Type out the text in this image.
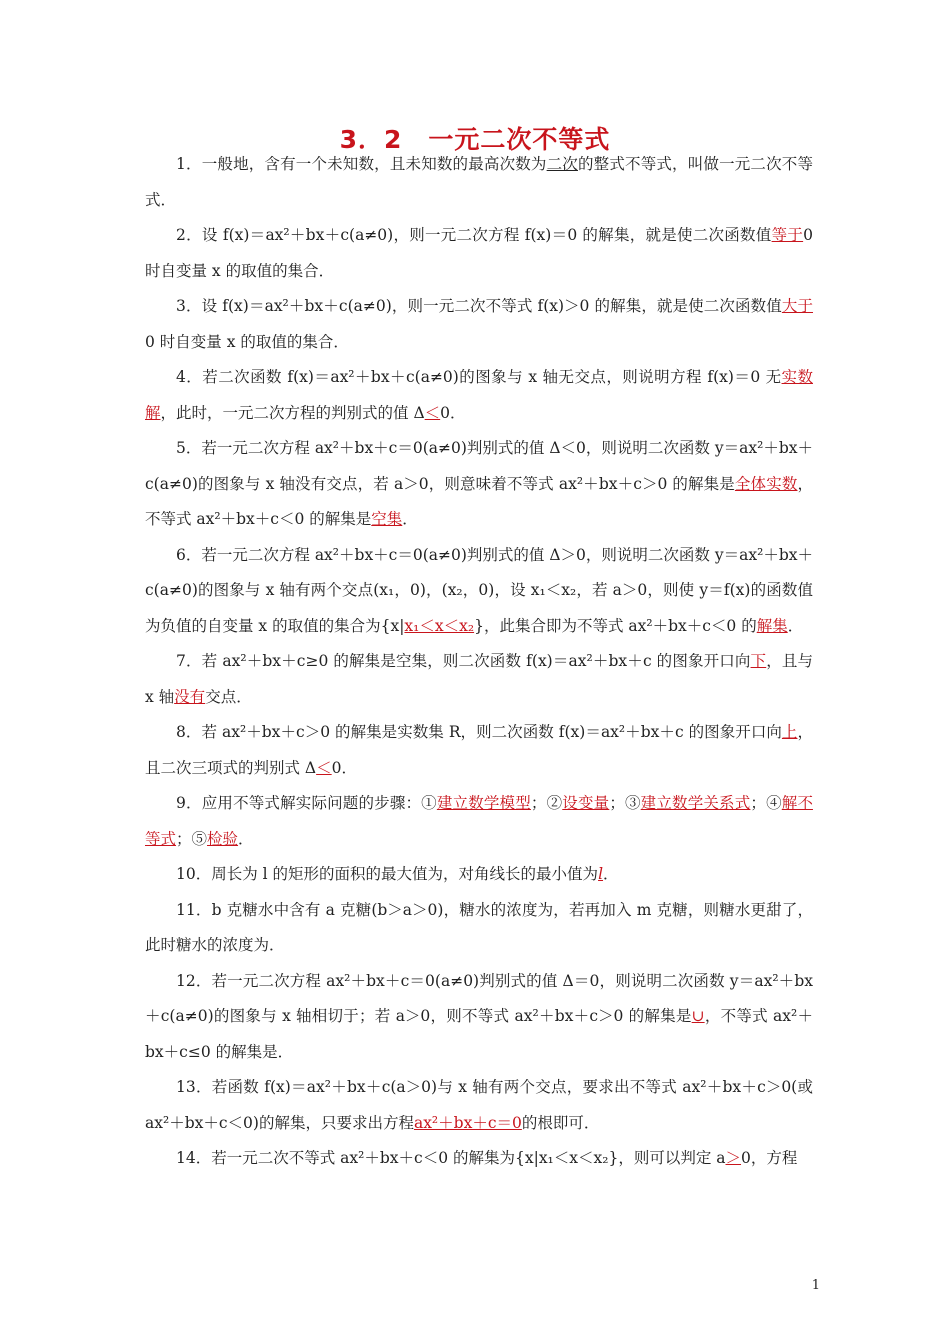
3．2　一元二次不等式

1．一般地，含有一个未知数，且未知数的最高次数为二次的整式不等式，叫做一元二次不等式．

2．设 f(x)＝ax²＋bx＋c(a≠0)，则一元二次方程 f(x)＝0 的解集，就是使二次函数值等于0 时自变量 x 的取值的集合．

3．设 f(x)＝ax²＋bx＋c(a≠0)，则一元二次不等式 f(x)＞0 的解集，就是使二次函数值大于0 时自变量 x 的取值的集合．

4．若二次函数 f(x)＝ax²＋bx＋c(a≠0)的图象与 x 轴无交点，则说明方程 f(x)＝0 无实数解，此时，一元二次方程的判别式的值 Δ＜0．

5．若一元二次方程 ax²＋bx＋c＝0(a≠0)判别式的值 Δ＜0，则说明二次函数 y＝ax²＋bx＋c(a≠0)的图象与 x 轴没有交点，若 a＞0，则意味着不等式 ax²＋bx＋c＞0 的解集是全体实数，不等式 ax²＋bx＋c＜0 的解集是空集．

6．若一元二次方程 ax²＋bx＋c＝0(a≠0)判别式的值 Δ＞0，则说明二次函数 y＝ax²＋bx＋c(a≠0)的图象与 x 轴有两个交点(x₁，0)，(x₂，0)，设 x₁＜x₂，若 a＞0，则使 y＝f(x)的函数值为负值的自变量 x 的取值的集合为{x|x₁＜x＜x₂}，此集合即为不等式 ax²＋bx＋c＜0 的解集．

7．若 ax²＋bx＋c≥0 的解集是空集，则二次函数 f(x)＝ax²＋bx＋c 的图象开口向下，且与 x 轴没有交点．

8．若 ax²＋bx＋c＞0 的解集是实数集 R，则二次函数 f(x)＝ax²＋bx＋c 的图象开口向上，且二次三项式的判别式 Δ＜0．

9．应用不等式解实际问题的步骤：①建立数学模型；②设变量；③建立数学关系式；④解不等式；⑤检验．

10．周长为 l 的矩形的面积的最大值为，对角线长的最小值为l．

11．b 克糖水中含有 a 克糖(b＞a＞0)，糖水的浓度为，若再加入 m 克糖，则糖水更甜了，此时糖水的浓度为．

12．若一元二次方程 ax²＋bx＋c＝0(a≠0)判别式的值 Δ＝0，则说明二次函数 y＝ax²＋bx＋c(a≠0)的图象与 x 轴相切于；若 a＞0，则不等式 ax²＋bx＋c＞0 的解集是∪，不等式 ax²＋bx＋c≤0 的解集是．

13．若函数 f(x)＝ax²＋bx＋c(a＞0)与 x 轴有两个交点，要求出不等式 ax²＋bx＋c＞0(或 ax²＋bx＋c＜0)的解集，只要求出方程ax²＋bx＋c＝0的根即可．

14．若一元二次不等式 ax²＋bx＋c＜0 的解集为{x|x₁＜x＜x₂}，则可以判定 a＞0，方程

1
